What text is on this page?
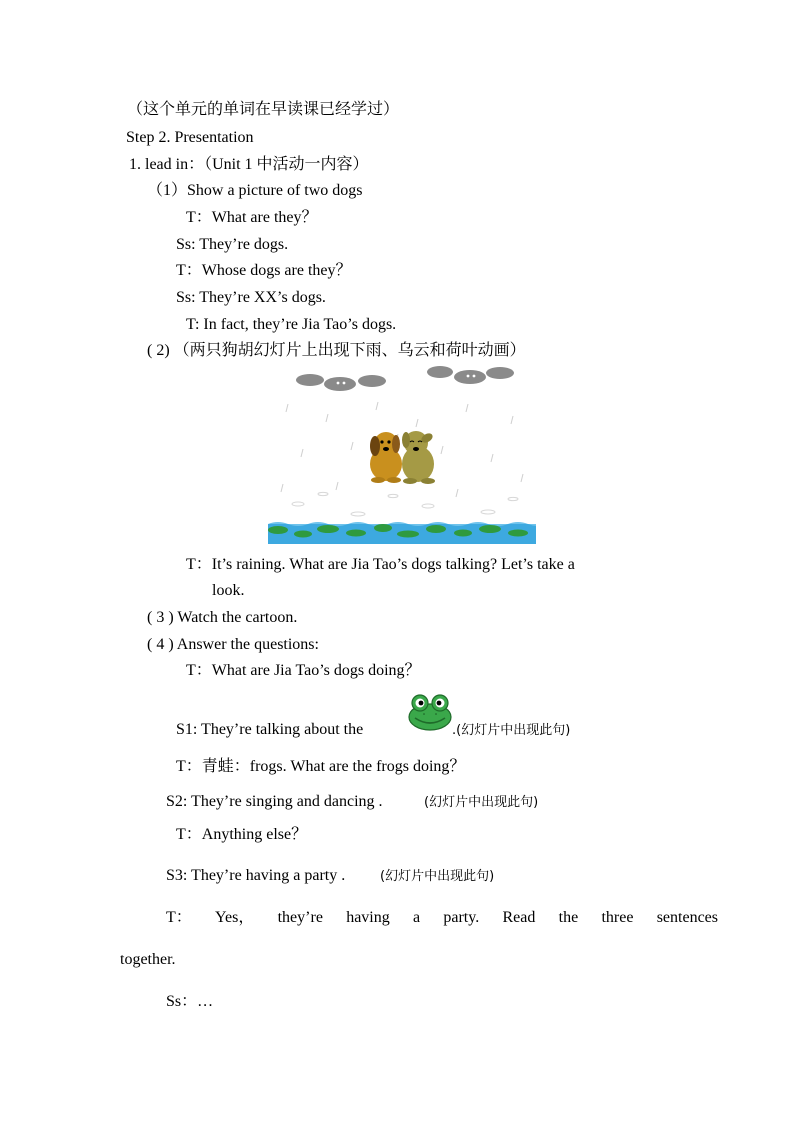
（这个单元的单词在早读课已经学过）
Step 2. Presentation
1. lead in：（Unit 1 中活动一内容）
（1）Show a picture of two dogs
T：What are they？
Ss: They’re dogs.
T：Whose dogs are they？
Ss: They’re XX’s dogs.
T: In fact, they’re Jia Tao’s dogs.
( 2) （两只狗胡幻灯片上出现下雨、乌云和荷叶动画）
T：It’s raining. What are Jia Tao’s dogs talking? Let’s take a
look.
( 3 ) Watch the cartoon.
( 4 ) Answer the questions:
T：What are Jia Tao’s dogs doing？
S1: They’re talking about the	.(幻灯片中出现此句)
T：青蛙：frogs. What are the frogs doing？
S2: They’re singing and dancing .	(幻灯片中出现此句)
T：Anything else？
S3: They’re having a party .	(幻灯片中出现此句)
T： Yes， they’re having a party. Read the three sentences
together.
Ss：…
